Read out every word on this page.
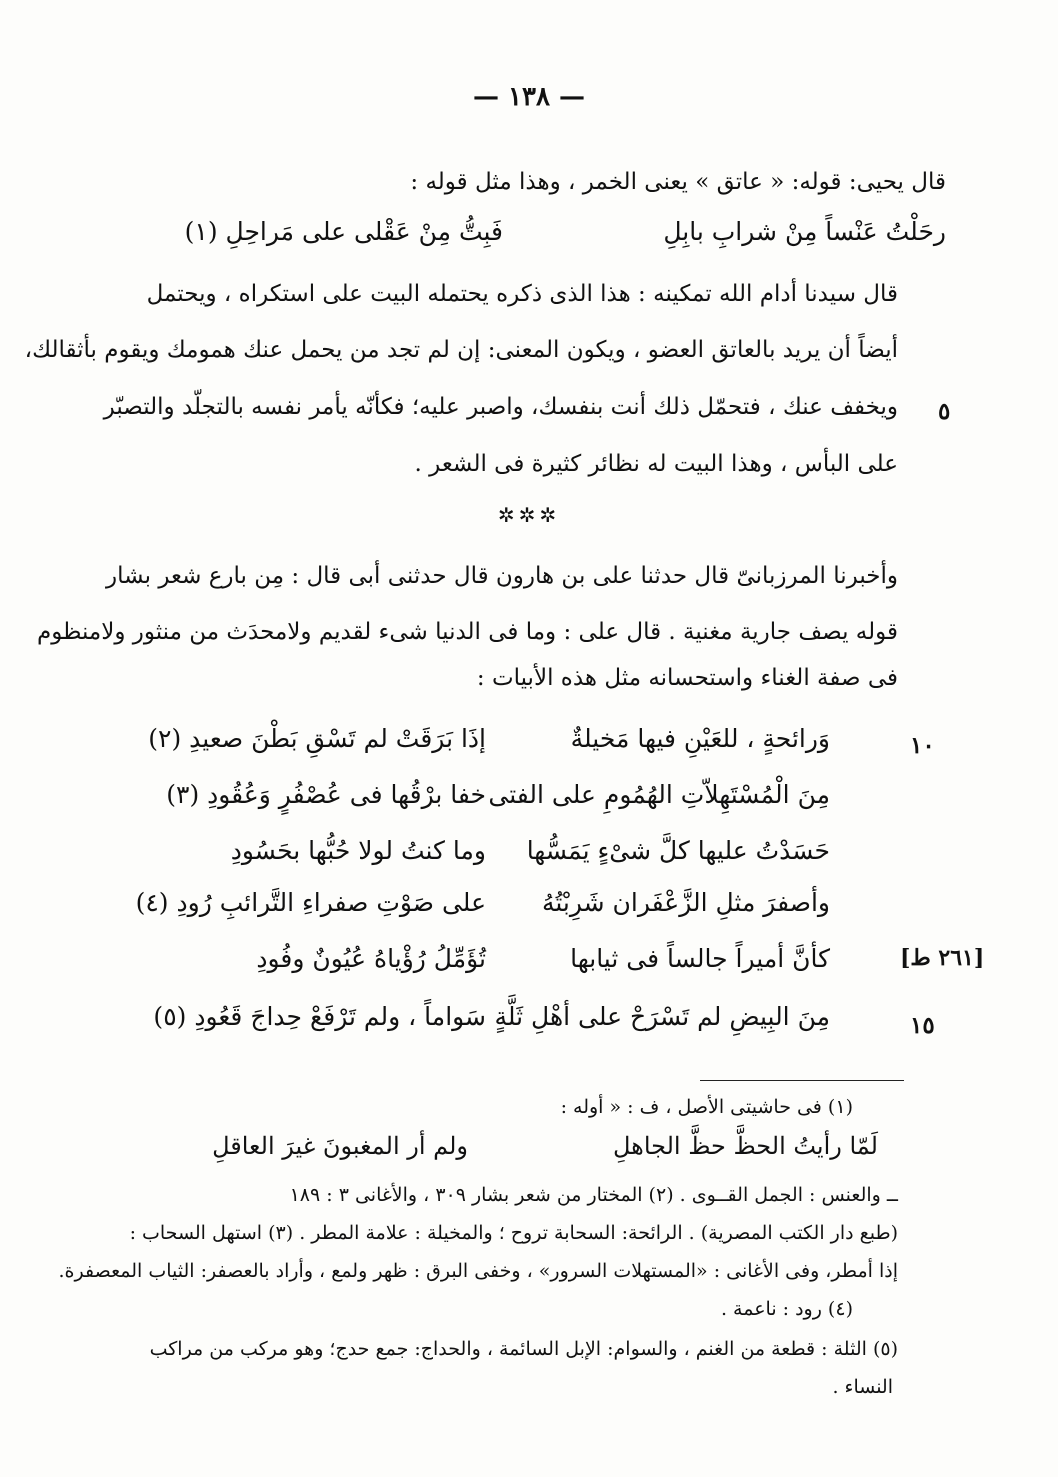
— ١٣٨ —
قال يحيى: قوله: « عاتق » يعنى الخمر ، وهذا مثل قوله :
رحَلْتُ عَنْساً مِنْ شرابِ بابِلِ
فَبِتُّ مِنْ عَقْلى على مَراحِلِ (١)
قال سيدنا أدام الله تمكينه : هذا الذى ذكره يحتمله البيت على استكراه ، ويحتمل
أيضاً أن يريد بالعاتق العضو ، ويكون المعنى: إن لم تجد من يحمل عنك همومك ويقوم بأثقالك،
ويخفف عنك ، فتحمّل ذلك أنت بنفسك، واصبر عليه؛ فكأنّه يأمر نفسه بالتجلّد والتصبّر ٥
على البأس ، وهذا البيت له نظائر كثيرة فى الشعر .
✲✲✲
وأخبرنا المرزبانىّ قال حدثنا على بن هارون قال حدثنى أبى قال : مِن بارع شعر بشار
قوله يصف جارية مغنية . قال على : وما فى الدنيا شىء لقديم ولامحدَث من منثور ولامنظوم
فى صفة الغناء واستحسانه مثل هذه الأبيات :
١٠
وَرائحةٍ ، للعَيْنِ فيها مَخيلةٌ
إذَا بَرَقَتْ لم تَسْقِ بَطْنَ صعيدِ (٢)
مِنَ الْمُسْتَهِلاّتِ الهُمُومِ على الفتى
خفا برْقُها فى عُصْفُرٍ وَعُقُودِ (٣)
حَسَدْتُ عليها كلَّ شىْءٍ يَمَسُّها
وما كنتُ لولا حُبُّها بحَسُودِ
وأصفرَ مثلِ الزَّعْفَران شَرِبْتُهُ
على صَوْتِ صفراءِ التَّرائبِ رُودِ (٤)
[٢٦١ ط]
كأنَّ أميراً جالساً فى ثيابها
تُؤَمِّلُ رُؤْياهُ عُيُونٌ وفُودِ
١٥
مِنَ البِيضِ لم تَسْرَحْ على أهْلِ ثَلَّةٍ
سَواماً ، ولم تَرْفَعْ حِداجَ قَعُودِ (٥)
(١) فى حاشيتى الأصل ، ف : « أوله :
لَمّا رأيتُ الحظَّ حظَّ الجاهلِ
ولم أر المغبونَ غيرَ العاقلِ
ــ والعنس : الجمل القــوى . (٢) المختار من شعر بشار ٣٠٩ ، والأغانى ٣ : ١٨٩
(طبع دار الكتب المصرية) . الرائحة: السحابة تروح ؛ والمخيلة : علامة المطر . (٣) استهل السحاب :
إذا أمطر، وفى الأغانى : «المستهلات السرور» ، وخفى البرق : ظهر ولمع ، وأراد بالعصفر: الثياب المعصفرة.
(٤) رود : ناعمة .
(٥) الثلة : قطعة من الغنم ، والسوام: الإبل السائمة ، والحداج: جمع حدج؛ وهو مركب من مراكب
النساء .
